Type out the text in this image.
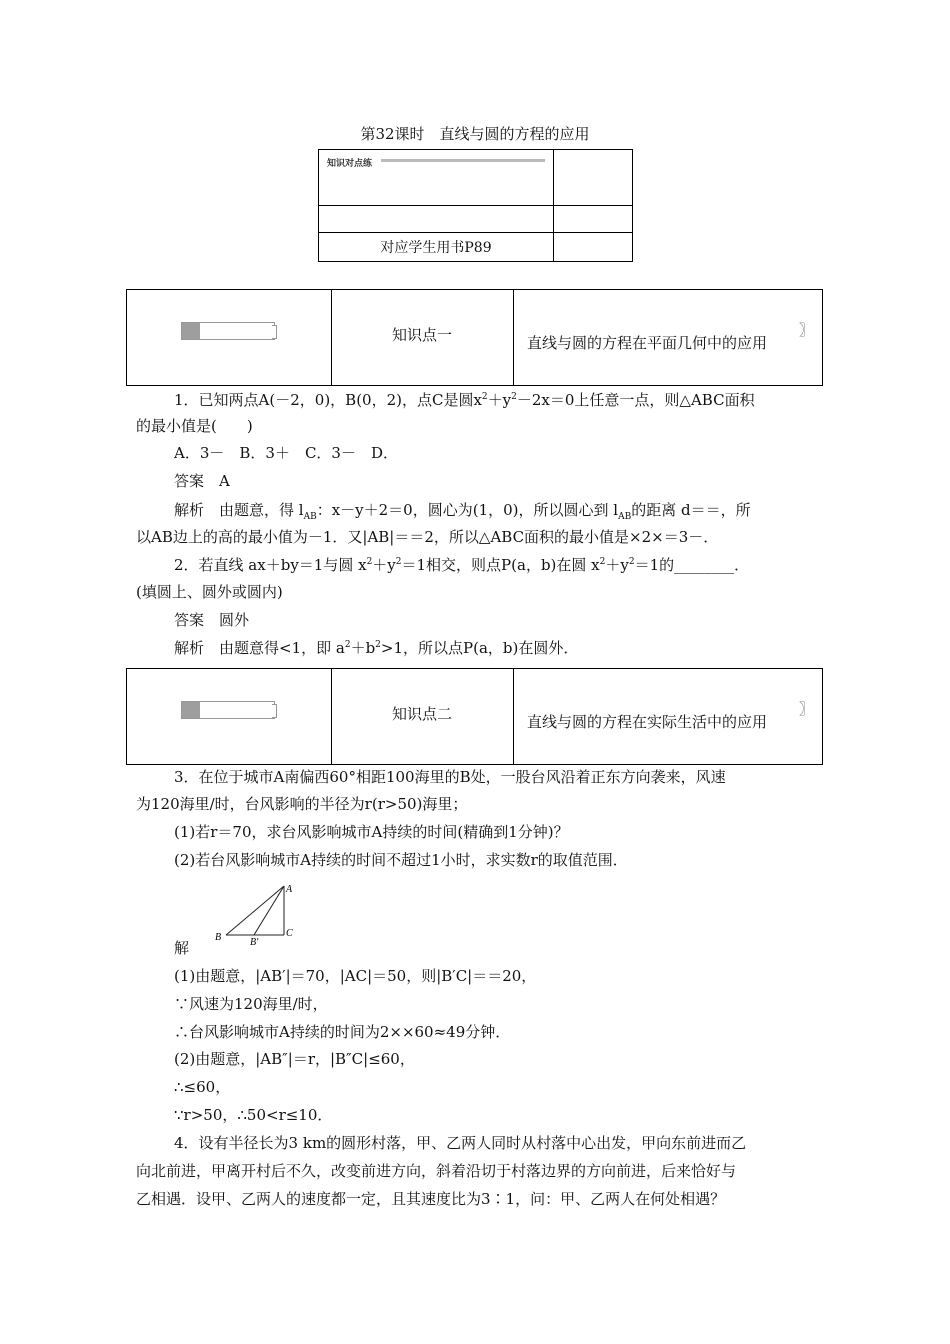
第32课时　直线与圆的方程的应用
知识对点练	

对应学生用书P89	
知识点一	直线与圆的方程在平面几何中的应用
〗
1．已知两点A(－2，0)，B(0，2)，点C是圆$x^2+y^2-2x=0$上任意一点，则△ABC面积
的最小值是(　　)
A．3－　B．3＋　C．3－　D．
答案　A
解析　由题意，得 $l_{AB}$：x－y＋2＝0，圆心为(1，0)，所以圆心到 $l_{AB}$的距离 d＝＝，所
以AB边上的高的最小值为－1．又|AB|＝＝2，所以△ABC面积的最小值是×2×＝3－．
2．若直线 ax＋by＝1与圆 $x^2+y^2=1$相交，则点P(a，b)在圆 $x^2+y^2=1$的________．
(填圆上、圆外或圆内)
答案　圆外
解析　由题意得<1，即 $a^2+b^2>1$，所以点P(a，b)在圆外．
知识点二	直线与圆的方程在实际生活中的应用
〗
3．在位于城市A南偏西60°相距100海里的B处，一股台风沿着正东方向袭来，风速
为120海里/时，台风影响的半径为r(r>50)海里；
(1)若r＝70，求台风影响城市A持续的时间(精确到1分钟)？
(2)若台风影响城市A持续的时间不超过1小时，求实数r的取值范围．
A
B	B′
C
解
(1)由题意，|AB′|＝70，|AC|＝50，则|B′C|＝＝20，
∵风速为120海里/时，
∴台风影响城市A持续的时间为2××60≈49分钟．
(2)由题意，|AB″|＝r，|B″C|≤60，
∴≤60，
∵r>50，∴50<r≤10．
4．设有半径长为3 km的圆形村落，甲、乙两人同时从村落中心出发，甲向东前进而乙
向北前进，甲离开村后不久，改变前进方向，斜着沿切于村落边界的方向前进，后来恰好与
乙相遇．设甲、乙两人的速度都一定，且其速度比为3∶1，问：甲、乙两人在何处相遇？
